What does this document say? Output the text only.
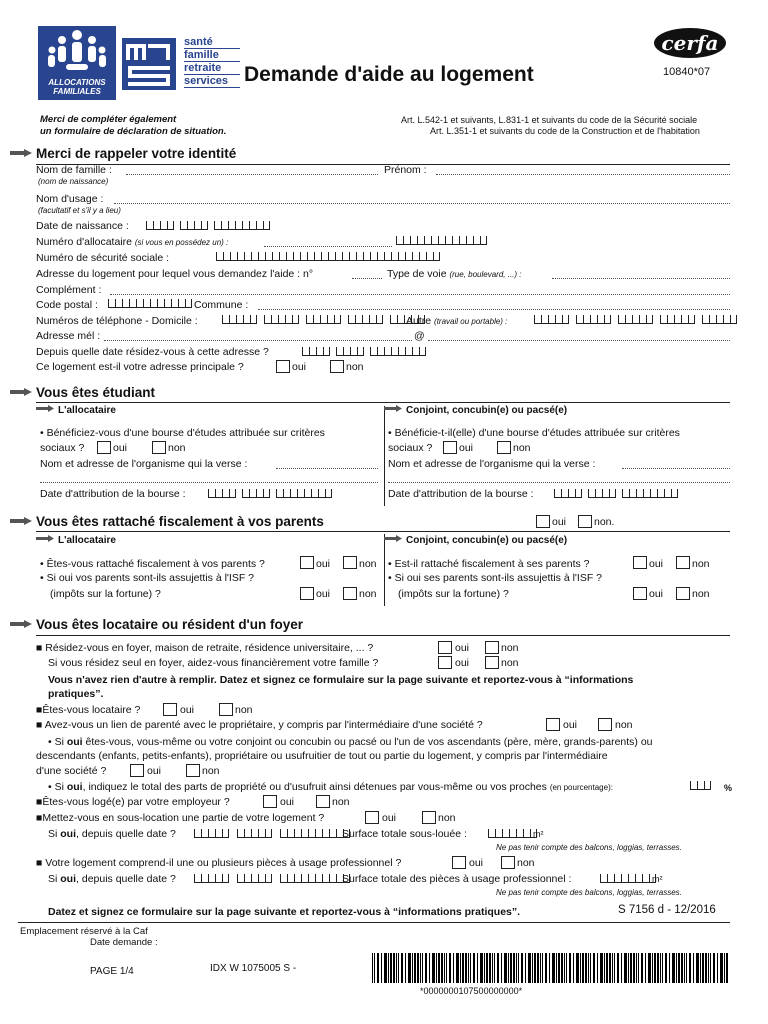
ALLOCATIONS FAMILIALES
santé
famille
retraite
services Demande d'aide au logement
cerfa
10840*07
Merci de compléter également
un formulaire de déclaration de situation.
Art. L.542-1 et suivants, L.831-1 et suivants du code de la Sécurité sociale
Art. L.351-1 et suivants du code de la Construction et de l'habitation
Merci de rappeler votre identité
Nom de famille :	Prénom :
(nom de naissance)
Nom d'usage :
(facultatif et s'il y a lieu)
Date de naissance :
Numéro d'allocataire (si vous en possédez un) :
Numéro de sécurité sociale :
Adresse du logement pour lequel vous demandez l'aide : n°	Type de voie (rue, boulevard, ...) :
Complément :
Code postal :	Commune :
Numéros de téléphone - Domicile :	Autre (travail ou portable) :
Adresse mél :	@
Depuis quelle date résidez-vous à cette adresse ?
Ce logement est-il votre adresse principale ?	oui	non
Vous êtes étudiant
L'allocataire	Conjoint, concubin(e) ou pacsé(e)
• Bénéficiez-vous d'une bourse d'études attribuée sur critères
sociaux ?	oui	non
Nom et adresse de l'organisme qui la verse :
Date d'attribution de la bourse :
• Bénéficie-t-il(elle) d'une bourse d'études attribuée sur critères
sociaux ?	oui	non
Nom et adresse de l'organisme qui la verse :
Date d'attribution de la bourse :
Vous êtes rattaché fiscalement à vos parents	oui	non.
L'allocataire	Conjoint, concubin(e) ou pacsé(e)
• Êtes-vous rattaché fiscalement à vos parents ?	oui	non
• Si oui vos parents sont-ils assujettis à l'ISF ?
(impôts sur la fortune) ?	oui	non
• Est-il rattaché fiscalement à ses parents ?	oui	non
• Si oui ses parents sont-ils assujettis à l'ISF ?
(impôts sur la fortune) ?	oui	non
Vous êtes locataire ou résident d'un foyer
■ Résidez-vous en foyer, maison de retraite, résidence universitaire, ... ?	oui	non
Si vous résidez seul en foyer, aidez-vous financièrement votre famille ?	oui	non
Vous n'avez rien d'autre à remplir. Datez et signez ce formulaire sur la page suivante et reportez-vous à “informations
pratiques”.
■Êtes-vous locataire ?	oui	non
■ Avez-vous un lien de parenté avec le propriétaire, y compris par l'intermédiaire d'une société ?	oui	non
• Si oui êtes-vous, vous-même ou votre conjoint ou concubin ou pacsé ou l'un de vos ascendants (père, mère, grands-parents) ou
descendants (enfants, petits-enfants), propriétaire ou usufruitier de tout ou partie du logement, y compris par l'intermédiaire
d'une société ?	oui	non
• Si oui, indiquez le total des parts de propriété ou d'usufruit ainsi détenues par vous-même ou vos proches (en pourcentage):	%
■Êtes-vous logé(e) par votre employeur ?	oui	non
■Mettez-vous en sous-location une partie de votre logement ?	oui	non
Si oui, depuis quelle date ?	Surface totale sous-louée :	m²
Ne pas tenir compte des balcons, loggias, terrasses.
■ Votre logement comprend-il une ou plusieurs pièces à usage professionnel ?	oui	non
Si oui, depuis quelle date ?	Surface totale des pièces à usage professionnel :	m²
Ne pas tenir compte des balcons, loggias, terrasses.
Datez et signez ce formulaire sur la page suivante et reportez-vous à “informations pratiques”.	S 7156 d - 12/2016
Emplacement réservé à la Caf
Date demande :
PAGE 1/4	IDX W 1075005 S -
*0000000107500000000*
